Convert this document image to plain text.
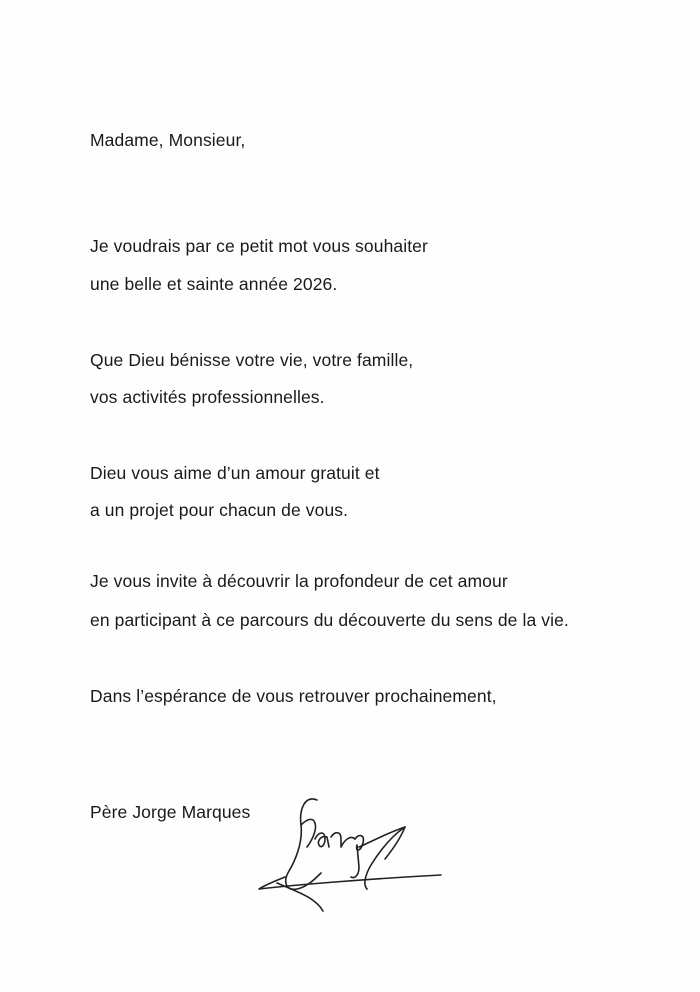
Madame, Monsieur,
Je voudrais par ce petit mot vous souhaiter
une belle et sainte année 2026.
Que Dieu bénisse votre vie, votre famille,
vos activités professionnelles.
Dieu vous aime d’un amour gratuit et
a un projet pour chacun de vous.
Je vous invite à découvrir la profondeur de cet amour
en participant à ce parcours du découverte du sens de la vie.
Dans l’espérance de vous retrouver prochainement,
Père Jorge Marques
